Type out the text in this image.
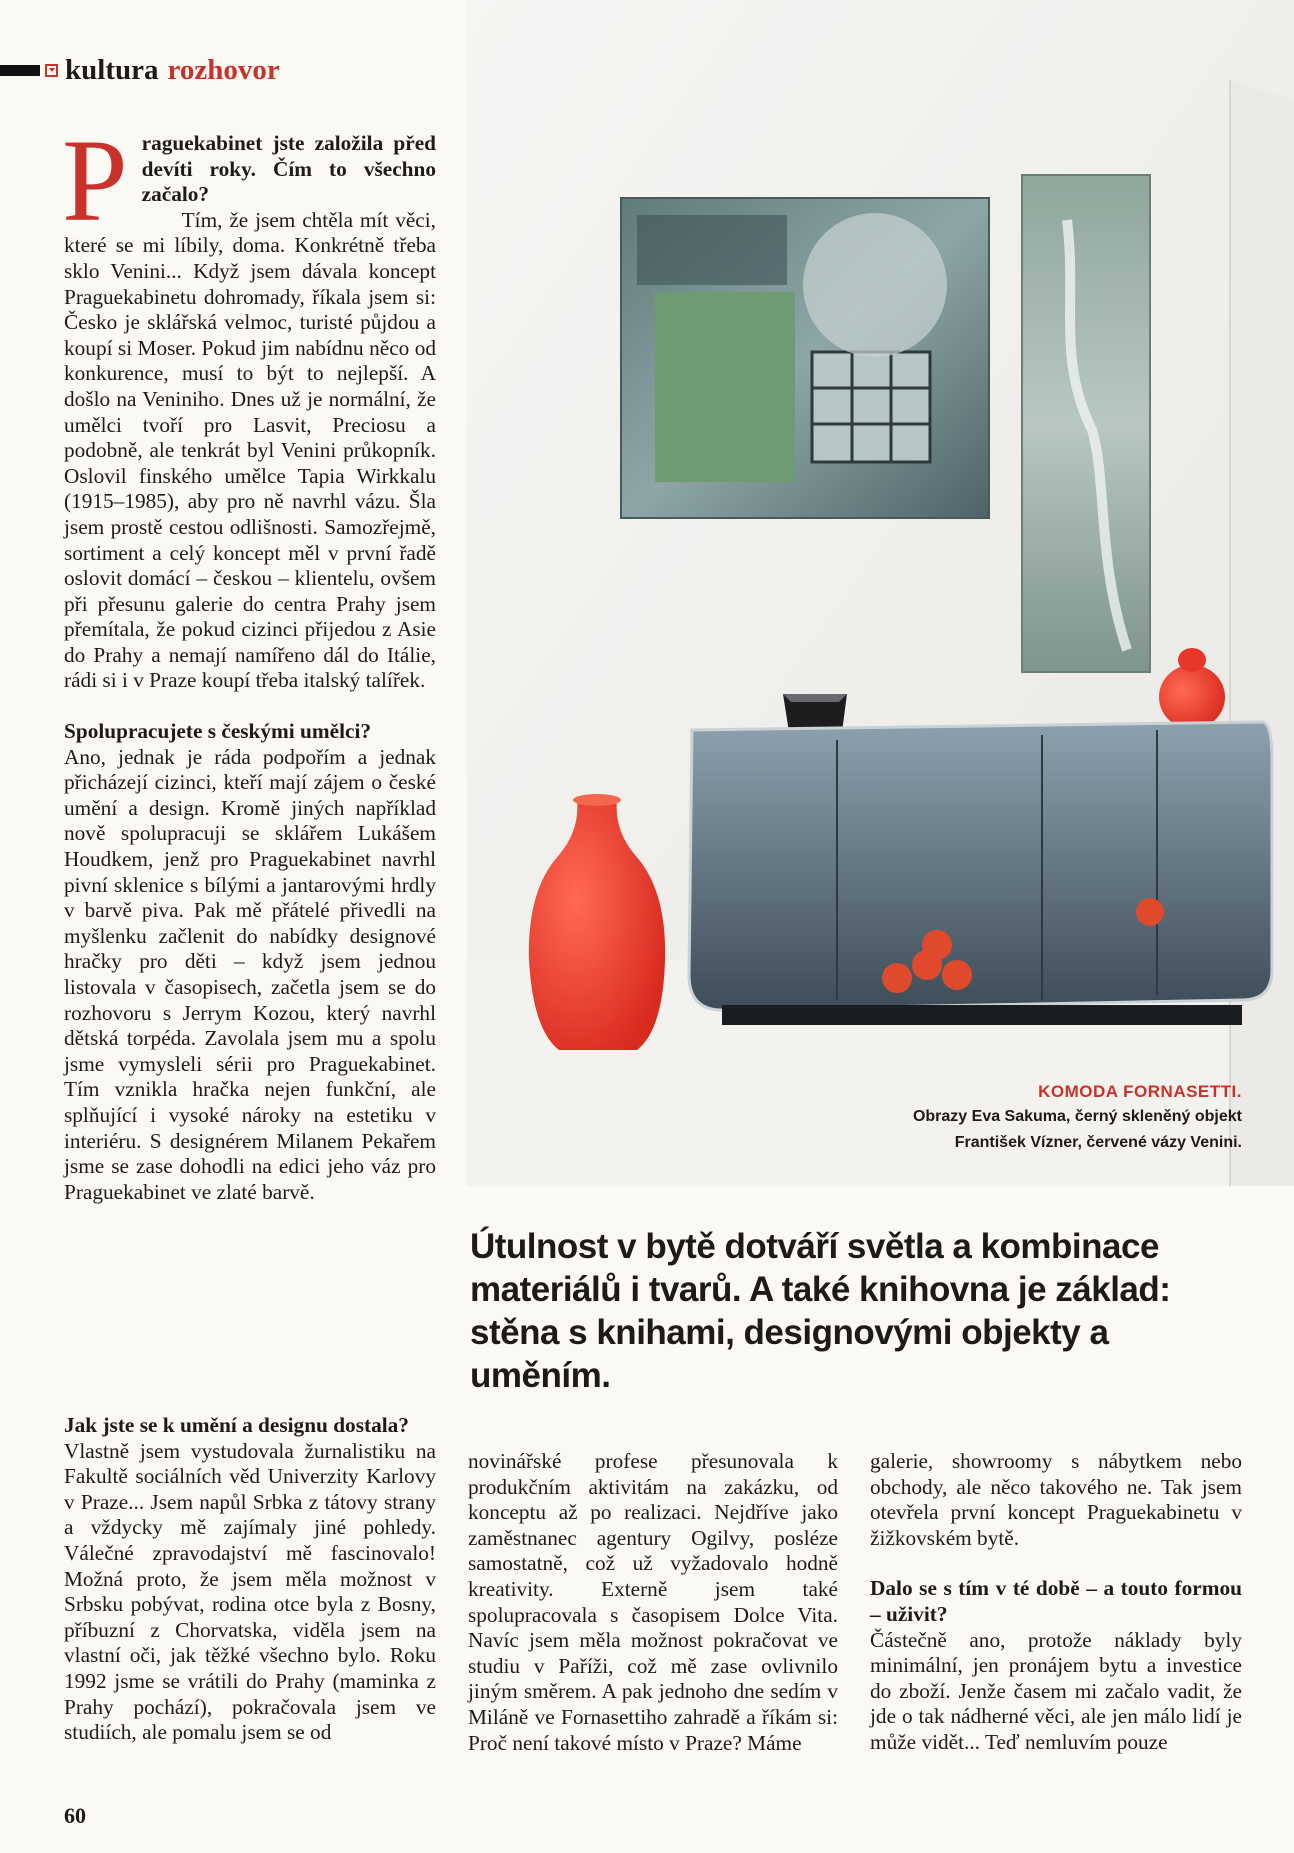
kultura rozhovor
P raguekabinet jste založila před devíti roky. Čím to všechno začalo?

Tím, že jsem chtěla mít věci, které se mi líbily, doma. Konkrétně třeba sklo Venini... Když jsem dávala koncept Praguekabinetu dohromady, říkala jsem si: Česko je sklářská velmoc, turisté půjdou a koupí si Moser. Pokud jim nabídnu něco od konkurence, musí to být to nejlepší. A došlo na Veniniho. Dnes už je normální, že umělci tvoří pro Lasvit, Preciosu a podobně, ale tenkrát byl Venini průkopník. Oslovil finského umělce Tapia Wirkkalu (1915–1985), aby pro ně navrhl vázu. Šla jsem prostě cestou odlišnosti. Samozřejmě, sortiment a celý koncept měl v první řadě oslovit domácí – českou – klientelu, ovšem při přesunu galerie do centra Prahy jsem přemítala, že pokud cizinci přijedou z Asie do Prahy a nemají namířeno dál do Itálie, rádi si i v Praze koupí třeba italský talířek.

Spolupracujete s českými umělci?

Ano, jednak je ráda podpořím a jednak přicházejí cizinci, kteří mají zájem o české umění a design. Kromě jiných například nově spolupracuji se sklářem Lukášem Houdkem, jenž pro Praguekabinet navrhl pivní sklenice s bílými a jantarovými hrdly v barvě piva. Pak mě přátelé přivedli na myšlenku začlenit do nabídky designové hračky pro děti – když jsem jednou listovala v časopisech, začetla jsem se do rozhovoru s Jerrym Kozou, který navrhl dětská torpéda. Zavolala jsem mu a spolu jsme vymysleli sérii pro Praguekabinet. Tím vznikla hračka nejen funkční, ale splňující i vysoké nároky na estetiku v interiéru. S designérem Milanem Pekařem jsme se zase dohodli na edici jeho váz pro Praguekabinet ve zlaté barvě.

Jak jste se k umění a designu dostala?

Vlastně jsem vystudovala žurnalistiku na Fakultě sociálních věd Univerzity Karlovy v Praze... Jsem napůl Srbka z tátovy strany a vždycky mě zajímaly jiné pohledy. Válečné zpravodajství mě fascinovalo! Možná proto, že jsem měla možnost v Srbsku pobývat, rodina otce byla z Bosny, příbuzní z Chorvatska, viděla jsem na vlastní oči, jak těžké všechno bylo. Roku 1992 jsme se vrátili do Prahy (maminka z Prahy pochází), pokračovala jsem ve studiích, ale pomalu jsem se od

novinářské profese přesunovala k produkčním aktivitám na zakázku, od konceptu až po realizaci. Nejdříve jako zaměstnanec agentury Ogilvy, posléze samostatně, což už vyžadovalo hodně kreativity. Externě jsem také spolupracovala s časopisem Dolce Vita. Navíc jsem měla možnost pokračovat ve studiu v Paříži, což mě zase ovlivnilo jiným směrem. A pak jednoho dne sedím v Miláně ve Fornasettiho zahradě a říkám si: Proč není takové místo v Praze? Máme

galerie, showroomy s nábytkem nebo obchody, ale něco takového ne. Tak jsem otevřela první koncept Praguekabinetu v žižkovském bytě.

Dalo se s tím v té době – a touto formou – uživit?

Částečně ano, protože náklady byly minimální, jen pronájem bytu a investice do zboží. Jenže časem mi začalo vadit, že jde o tak nádherné věci, ale jen málo lidí je může vidět... Teď nemluvím pouze

KOMODA FORNASETTI.
Obrazy Eva Sakuma, černý skleněný objekt
František Vízner, červené vázy Venini.
Útulnost v bytě dotváří světla a kombinace materiálů i tvarů. A také knihovna je základ: stěna s knihami, designovými objekty a uměním.
60
